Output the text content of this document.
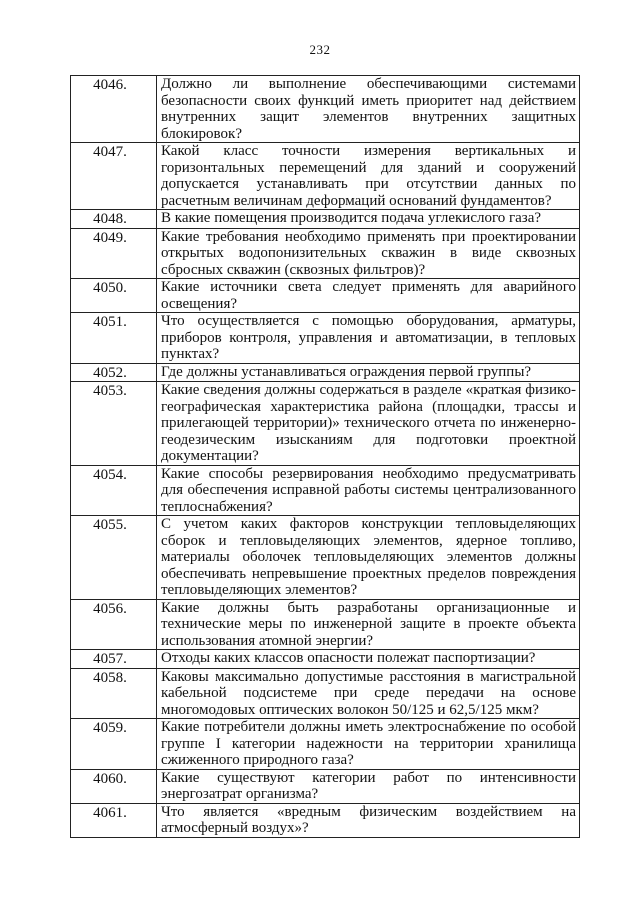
232
4046.	Должно ли выполнение обеспечивающими системами безопасности своих функций иметь приоритет над действием внутренних защит элементов внутренних защитных блокировок?
4047.	Какой класс точности измерения вертикальных и горизонтальных перемещений для зданий и сооружений допускается устанавливать при отсутствии данных по расчетным величинам деформаций оснований фундаментов?
4048.	В какие помещения производится подача углекислого газа?
4049.	Какие требования необходимо применять при проектировании открытых водопонизительных скважин в виде сквозных сбросных скважин (сквозных фильтров)?
4050.	Какие источники света следует применять для аварийного освещения?
4051.	Что осуществляется с помощью оборудования, арматуры, приборов контроля, управления и автоматизации, в тепловых пунктах?
4052.	Где должны устанавливаться ограждения первой группы?
4053.	Какие сведения должны содержаться в разделе «краткая физико-географическая характеристика района (площадки, трассы и прилегающей территории)» технического отчета по инженерно-геодезическим изысканиям для подготовки проектной документации?
4054.	Какие способы резервирования необходимо предусматривать для обеспечения исправной работы системы централизованного теплоснабжения?
4055.	С учетом каких факторов конструкции тепловыделяющих сборок и тепловыделяющих элементов, ядерное топливо, материалы оболочек тепловыделяющих элементов должны обеспечивать непревышение проектных пределов повреждения тепловыделяющих элементов?
4056.	Какие должны быть разработаны организационные и технические меры по инженерной защите в проекте объекта использования атомной энергии?
4057.	Отходы каких классов опасности полежат паспортизации?
4058.	Каковы максимально допустимые расстояния в магистральной кабельной подсистеме при среде передачи на основе многомодовых оптических волокон 50/125 и 62,5/125 мкм?
4059.	Какие потребители должны иметь электроснабжение по особой группе I категории надежности на территории хранилища сжиженного природного газа?
4060.	Какие существуют категории работ по интенсивности энергозатрат организма?
4061.	Что является «вредным физическим воздействием на атмосферный воздух»?
